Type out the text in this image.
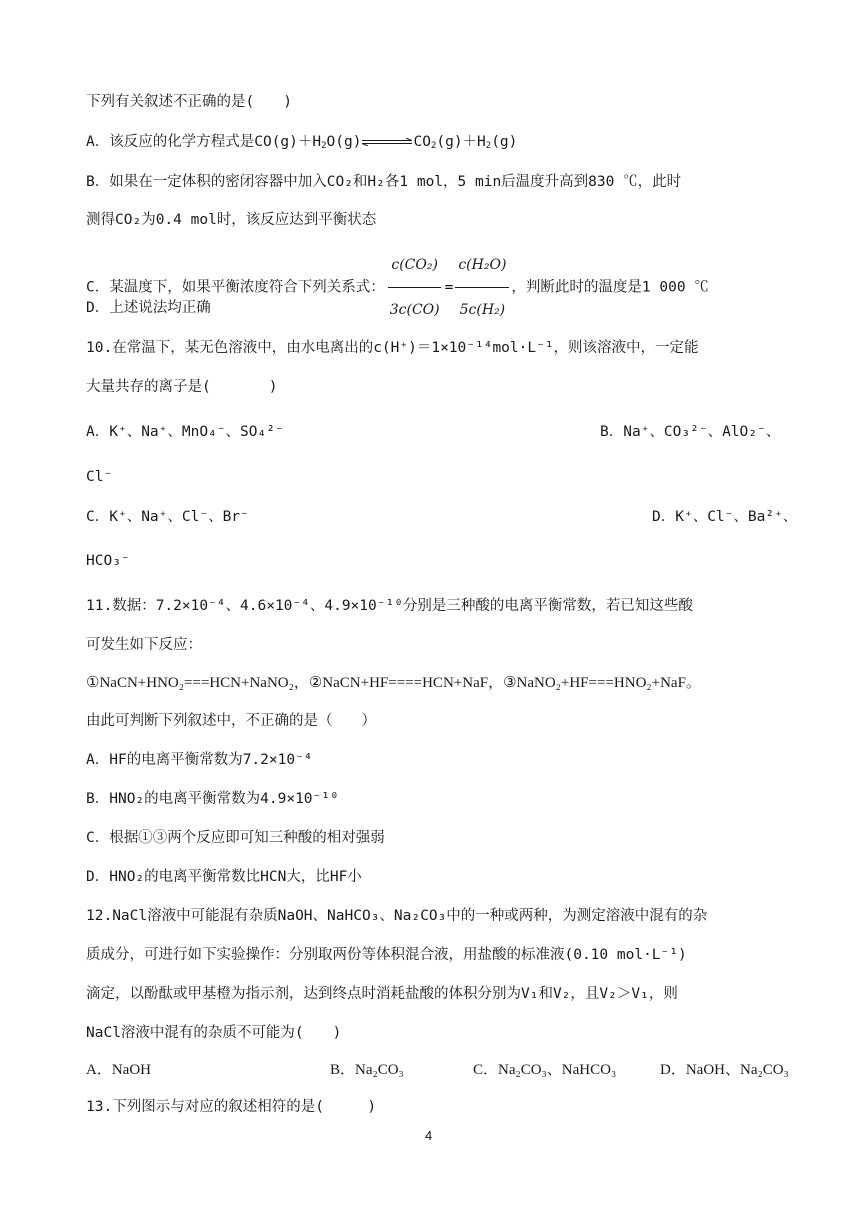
下列有关叙述不正确的是(　　)
A．该反应的化学方程式是$CO(g)+H_2O(g)\rightleftharpoons CO_2(g)+H_2(g)$
B．如果在一定体积的密闭容器中加入CO₂和H₂各1 mol，5 min后温度升高到830 ℃，此时
测得CO₂为0.4 mol时，该反应达到平衡状态
C．某温度下，如果平衡浓度符合下列关系式： $\frac{\text{c(CO₂)}}{3c(CO)} = \frac{\text{c(H₂O)}}{\text{5c(H₂)}}$ ，判断此时的温度是1 000 ℃
D．上述说法均正确
10.在常温下，某无色溶液中，由水电离出的c(H⁺)＝1×10⁻¹⁴mol·L⁻¹，则该溶液中，一定能
大量共存的离子是(　　　　)
A．K⁺、Na⁺、MnO₄⁻、SO₄²⁻	B．Na⁺、CO₃²⁻、AlO₂⁻、
Cl⁻
C．K⁺、Na⁺、Cl⁻、Br⁻	D．K⁺、Cl⁻、Ba²⁺、
HCO₃⁻
11.数据：7.2×10⁻⁴、4.6×10⁻⁴、4.9×10⁻¹⁰分别是三种酸的电离平衡常数，若已知这些酸
可发生如下反应：
①NaCN+HNO₂===HCN+NaNO₂，②NaCN+HF====HCN+NaF，③NaNO₂+HF===HNO₂+NaF。
由此可判断下列叙述中，不正确的是（　　）
A．HF的电离平衡常数为7.2×10⁻⁴
B．HNO₂的电离平衡常数为4.9×10⁻¹⁰
C．根据①③两个反应即可知三种酸的相对强弱
D．HNO₂的电离平衡常数比HCN大，比HF小
12.NaCl溶液中可能混有杂质NaOH、NaHCO₃、Na₂CO₃中的一种或两种，为测定溶液中混有的杂
质成分，可进行如下实验操作：分别取两份等体积混合液，用盐酸的标准液(0.10 mol·L⁻¹)
滴定，以酚酞或甲基橙为指示剂，达到终点时消耗盐酸的体积分别为V₁和V₂，且V₂＞V₁，则
NaCl溶液中混有的杂质不可能为(　　)
A．NaOH	B．Na₂CO₃	C．Na₂CO₃、NaHCO₃	D．NaOH、Na₂CO₃
13.下列图示与对应的叙述相符的是(　　　)
4
